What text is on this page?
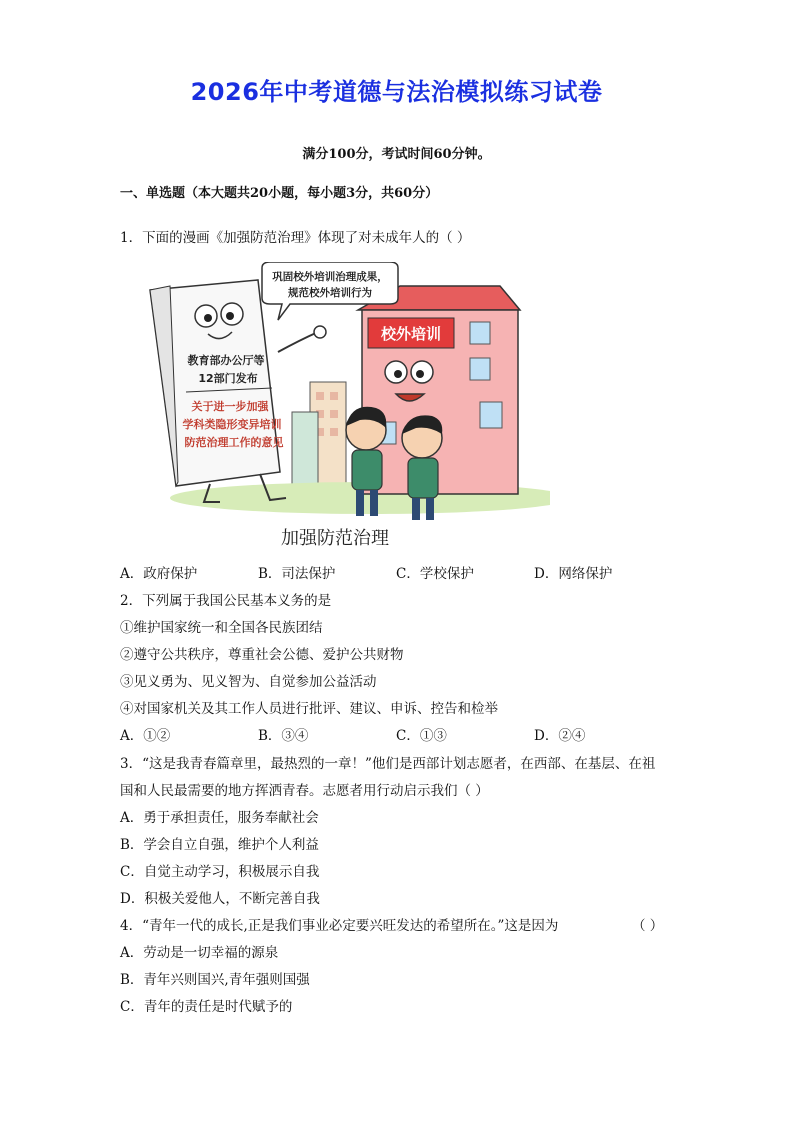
2026年中考道德与法治模拟练习试卷
满分100分，考试时间60分钟。
一、单选题（本大题共20小题，每小题3分，共60分）
1．下面的漫画《加强防范治理》体现了对未成年人的（ ）
校外培训
教育部办公厅等
12部门发布
关于进一步加强
学科类隐形变异培训
防范治理工作的意见
巩固校外培训治理成果，
规范校外培训行为
加强防范治理
A．政府保护	B．司法保护	C．学校保护	D．网络保护
2．下列属于我国公民基本义务的是
①维护国家统一和全国各民族团结
②遵守公共秩序，尊重社会公德、爱护公共财物
③见义勇为、见义智为、自觉参加公益活动
④对国家机关及其工作人员进行批评、建议、申诉、控告和检举
A．①②	B．③④	C．①③	D．②④
3．“这是我青春篇章里，最热烈的一章！”他们是西部计划志愿者，在西部、在基层、在祖
国和人民最需要的地方挥洒青春。志愿者用行动启示我们（ ）
A．勇于承担责任，服务奉献社会
B．学会自立自强，维护个人利益
C．自觉主动学习，积极展示自我
D．积极关爱他人，不断完善自我
4．“青年一代的成长,正是我们事业必定要兴旺发达的希望所在。”这是因为	（ ）
A．劳动是一切幸福的源泉
B．青年兴则国兴,青年强则国强
C．青年的责任是时代赋予的
